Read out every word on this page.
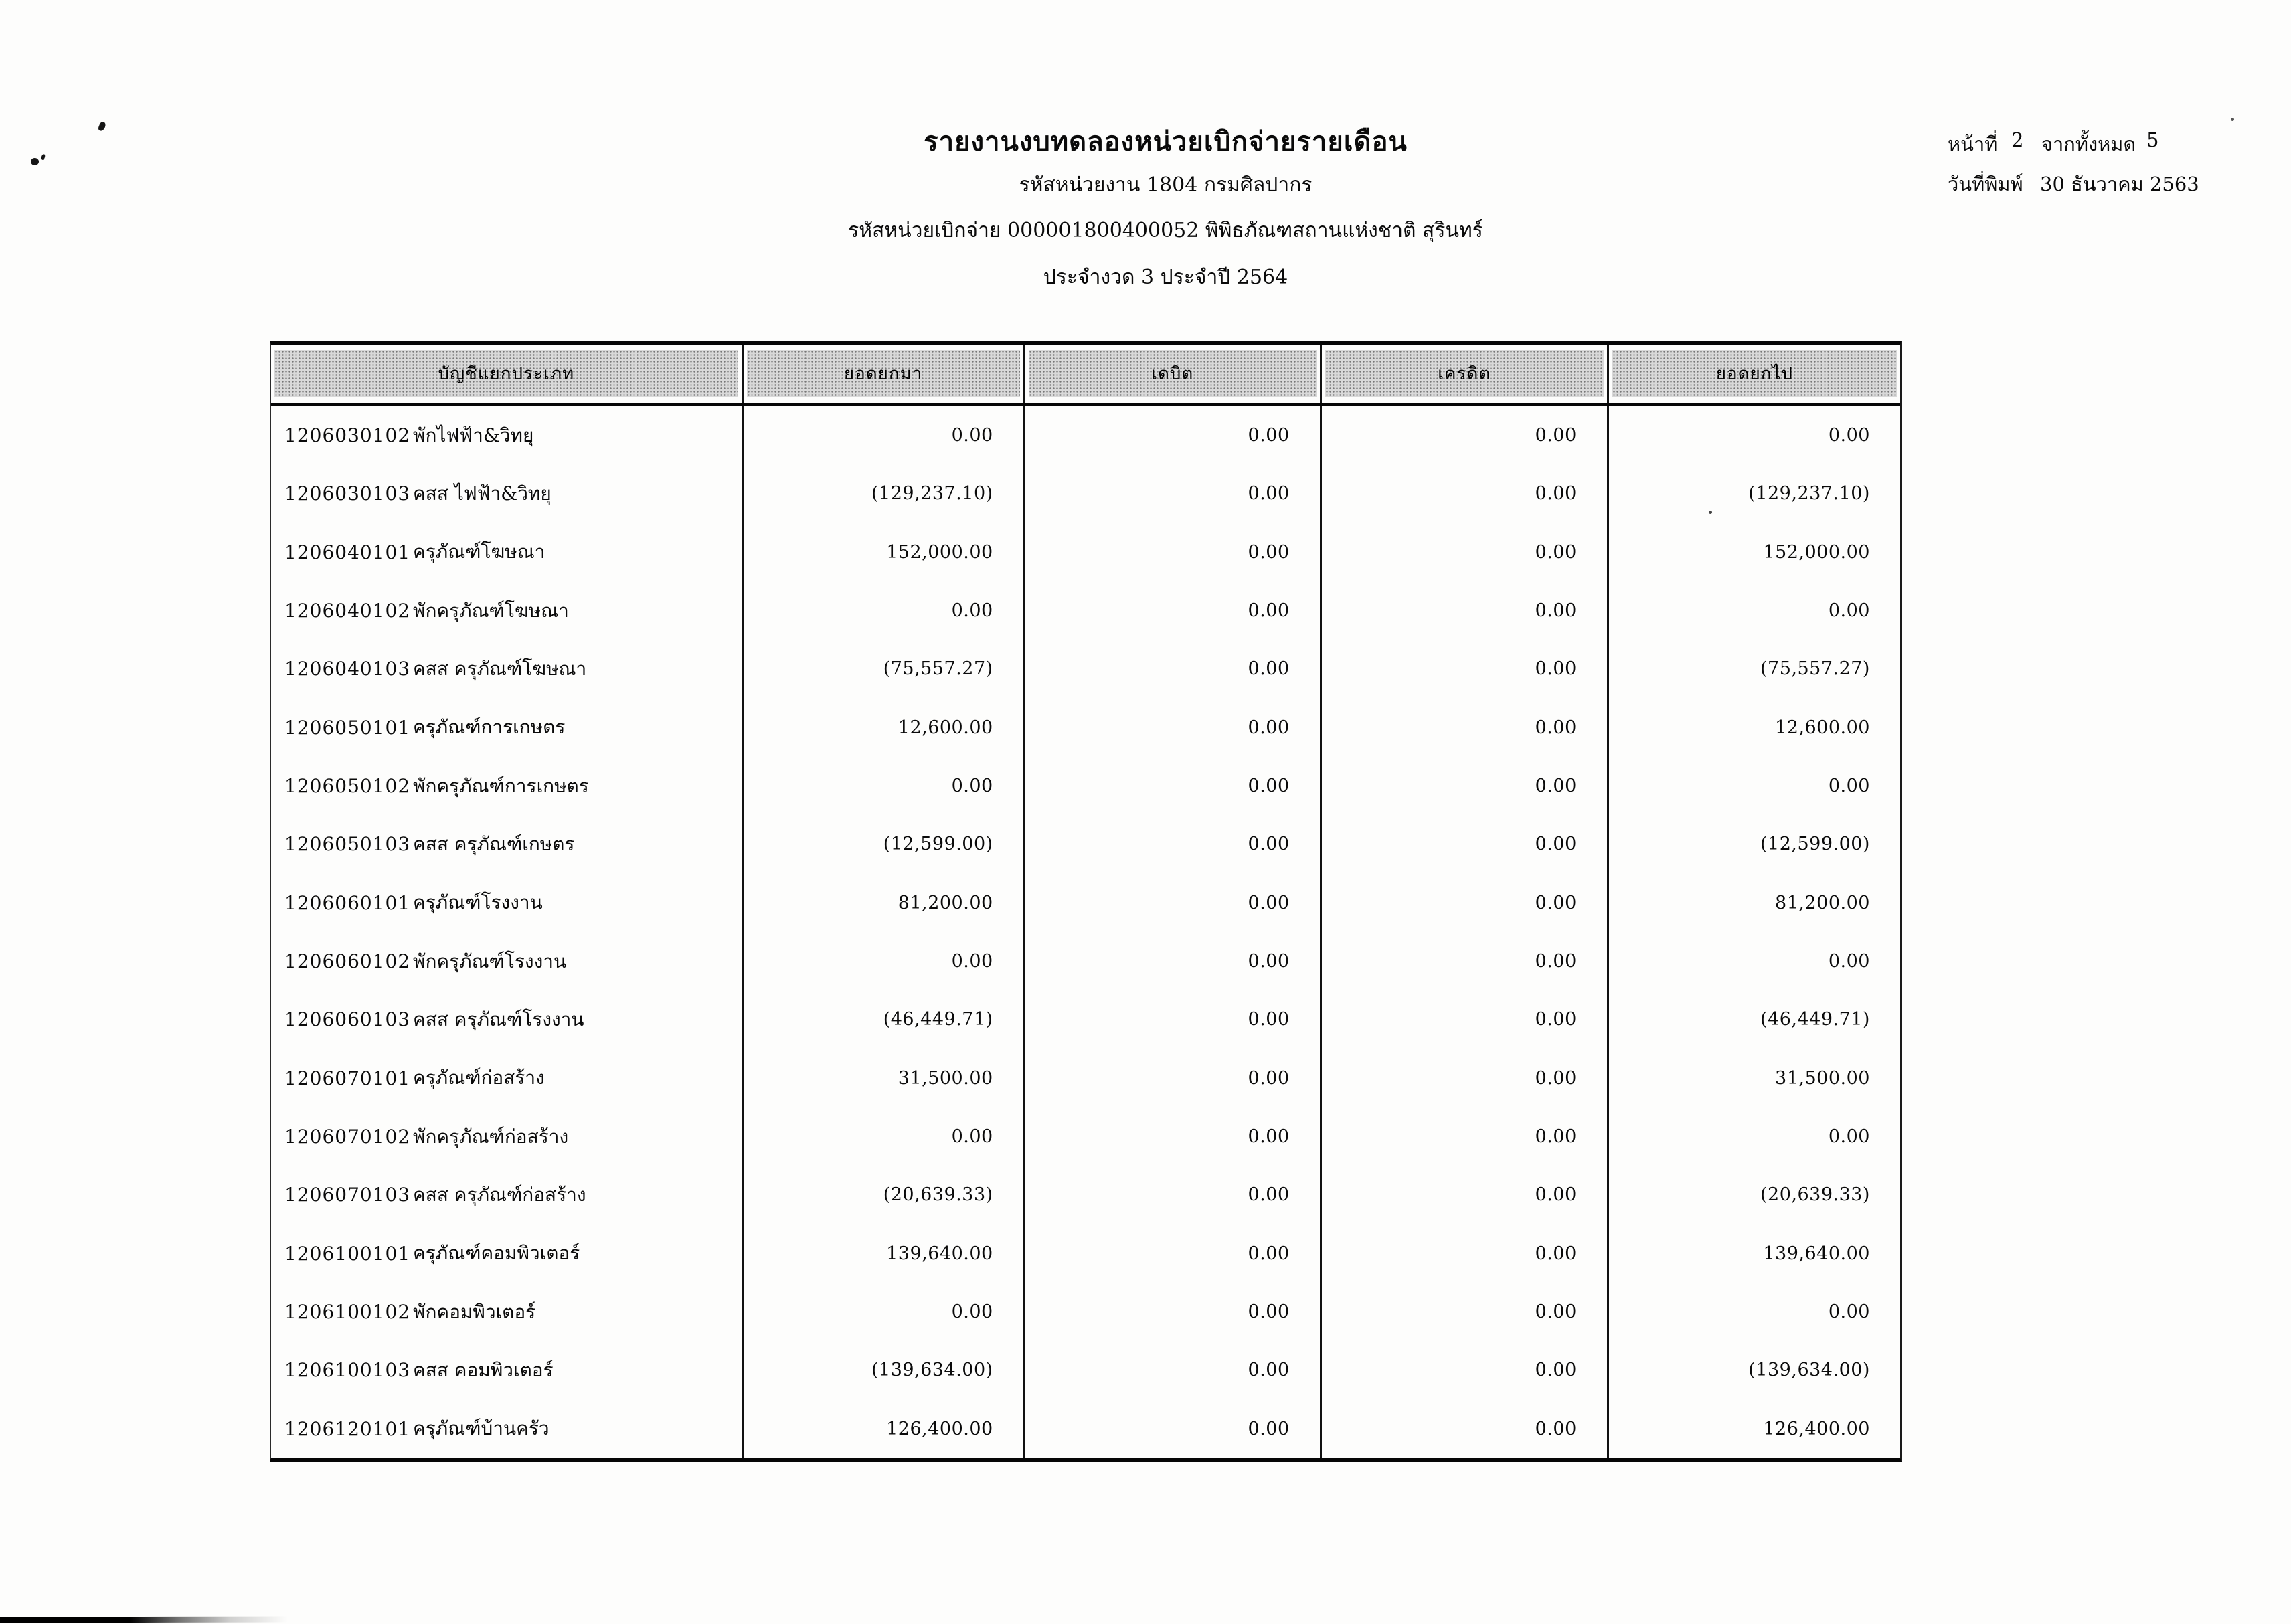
รายงานงบทดลองหน่วยเบิกจ่ายรายเดือน
รหัสหน่วยงาน 1804 กรมศิลปากร
รหัสหน่วยเบิกจ่าย 000001800400052 พิพิธภัณฑสถานแห่งชาติ สุรินทร์
ประจำงวด 3 ประจำปี 2564
หน้าที่ 2 จากทั้งหมด 5
วันที่พิมพ์ 30 ธันวาคม 2563
บัญชีแยกประเภท	ยอดยกมา	เดบิต	เครดิต	ยอดยกไป
1206030102 พักไฟฟ้า&วิทยุ	0.00	0.00	0.00	0.00
1206030103 คสส ไฟฟ้า&วิทยุ	(129,237.10)	0.00	0.00	(129,237.10)
1206040101 ครุภัณฑ์โฆษณา	152,000.00	0.00	0.00	152,000.00
1206040102 พักครุภัณฑ์โฆษณา	0.00	0.00	0.00	0.00
1206040103 คสส ครุภัณฑ์โฆษณา	(75,557.27)	0.00	0.00	(75,557.27)
1206050101 ครุภัณฑ์การเกษตร	12,600.00	0.00	0.00	12,600.00
1206050102 พักครุภัณฑ์การเกษตร	0.00	0.00	0.00	0.00
1206050103 คสส ครุภัณฑ์เกษตร	(12,599.00)	0.00	0.00	(12,599.00)
1206060101 ครุภัณฑ์โรงงาน	81,200.00	0.00	0.00	81,200.00
1206060102 พักครุภัณฑ์โรงงาน	0.00	0.00	0.00	0.00
1206060103 คสส ครุภัณฑ์โรงงาน	(46,449.71)	0.00	0.00	(46,449.71)
1206070101 ครุภัณฑ์ก่อสร้าง	31,500.00	0.00	0.00	31,500.00
1206070102 พักครุภัณฑ์ก่อสร้าง	0.00	0.00	0.00	0.00
1206070103 คสส ครุภัณฑ์ก่อสร้าง	(20,639.33)	0.00	0.00	(20,639.33)
1206100101 ครุภัณฑ์คอมพิวเตอร์	139,640.00	0.00	0.00	139,640.00
1206100102 พักคอมพิวเตอร์	0.00	0.00	0.00	0.00
1206100103 คสส คอมพิวเตอร์	(139,634.00)	0.00	0.00	(139,634.00)
1206120101 ครุภัณฑ์บ้านครัว	126,400.00	0.00	0.00	126,400.00
